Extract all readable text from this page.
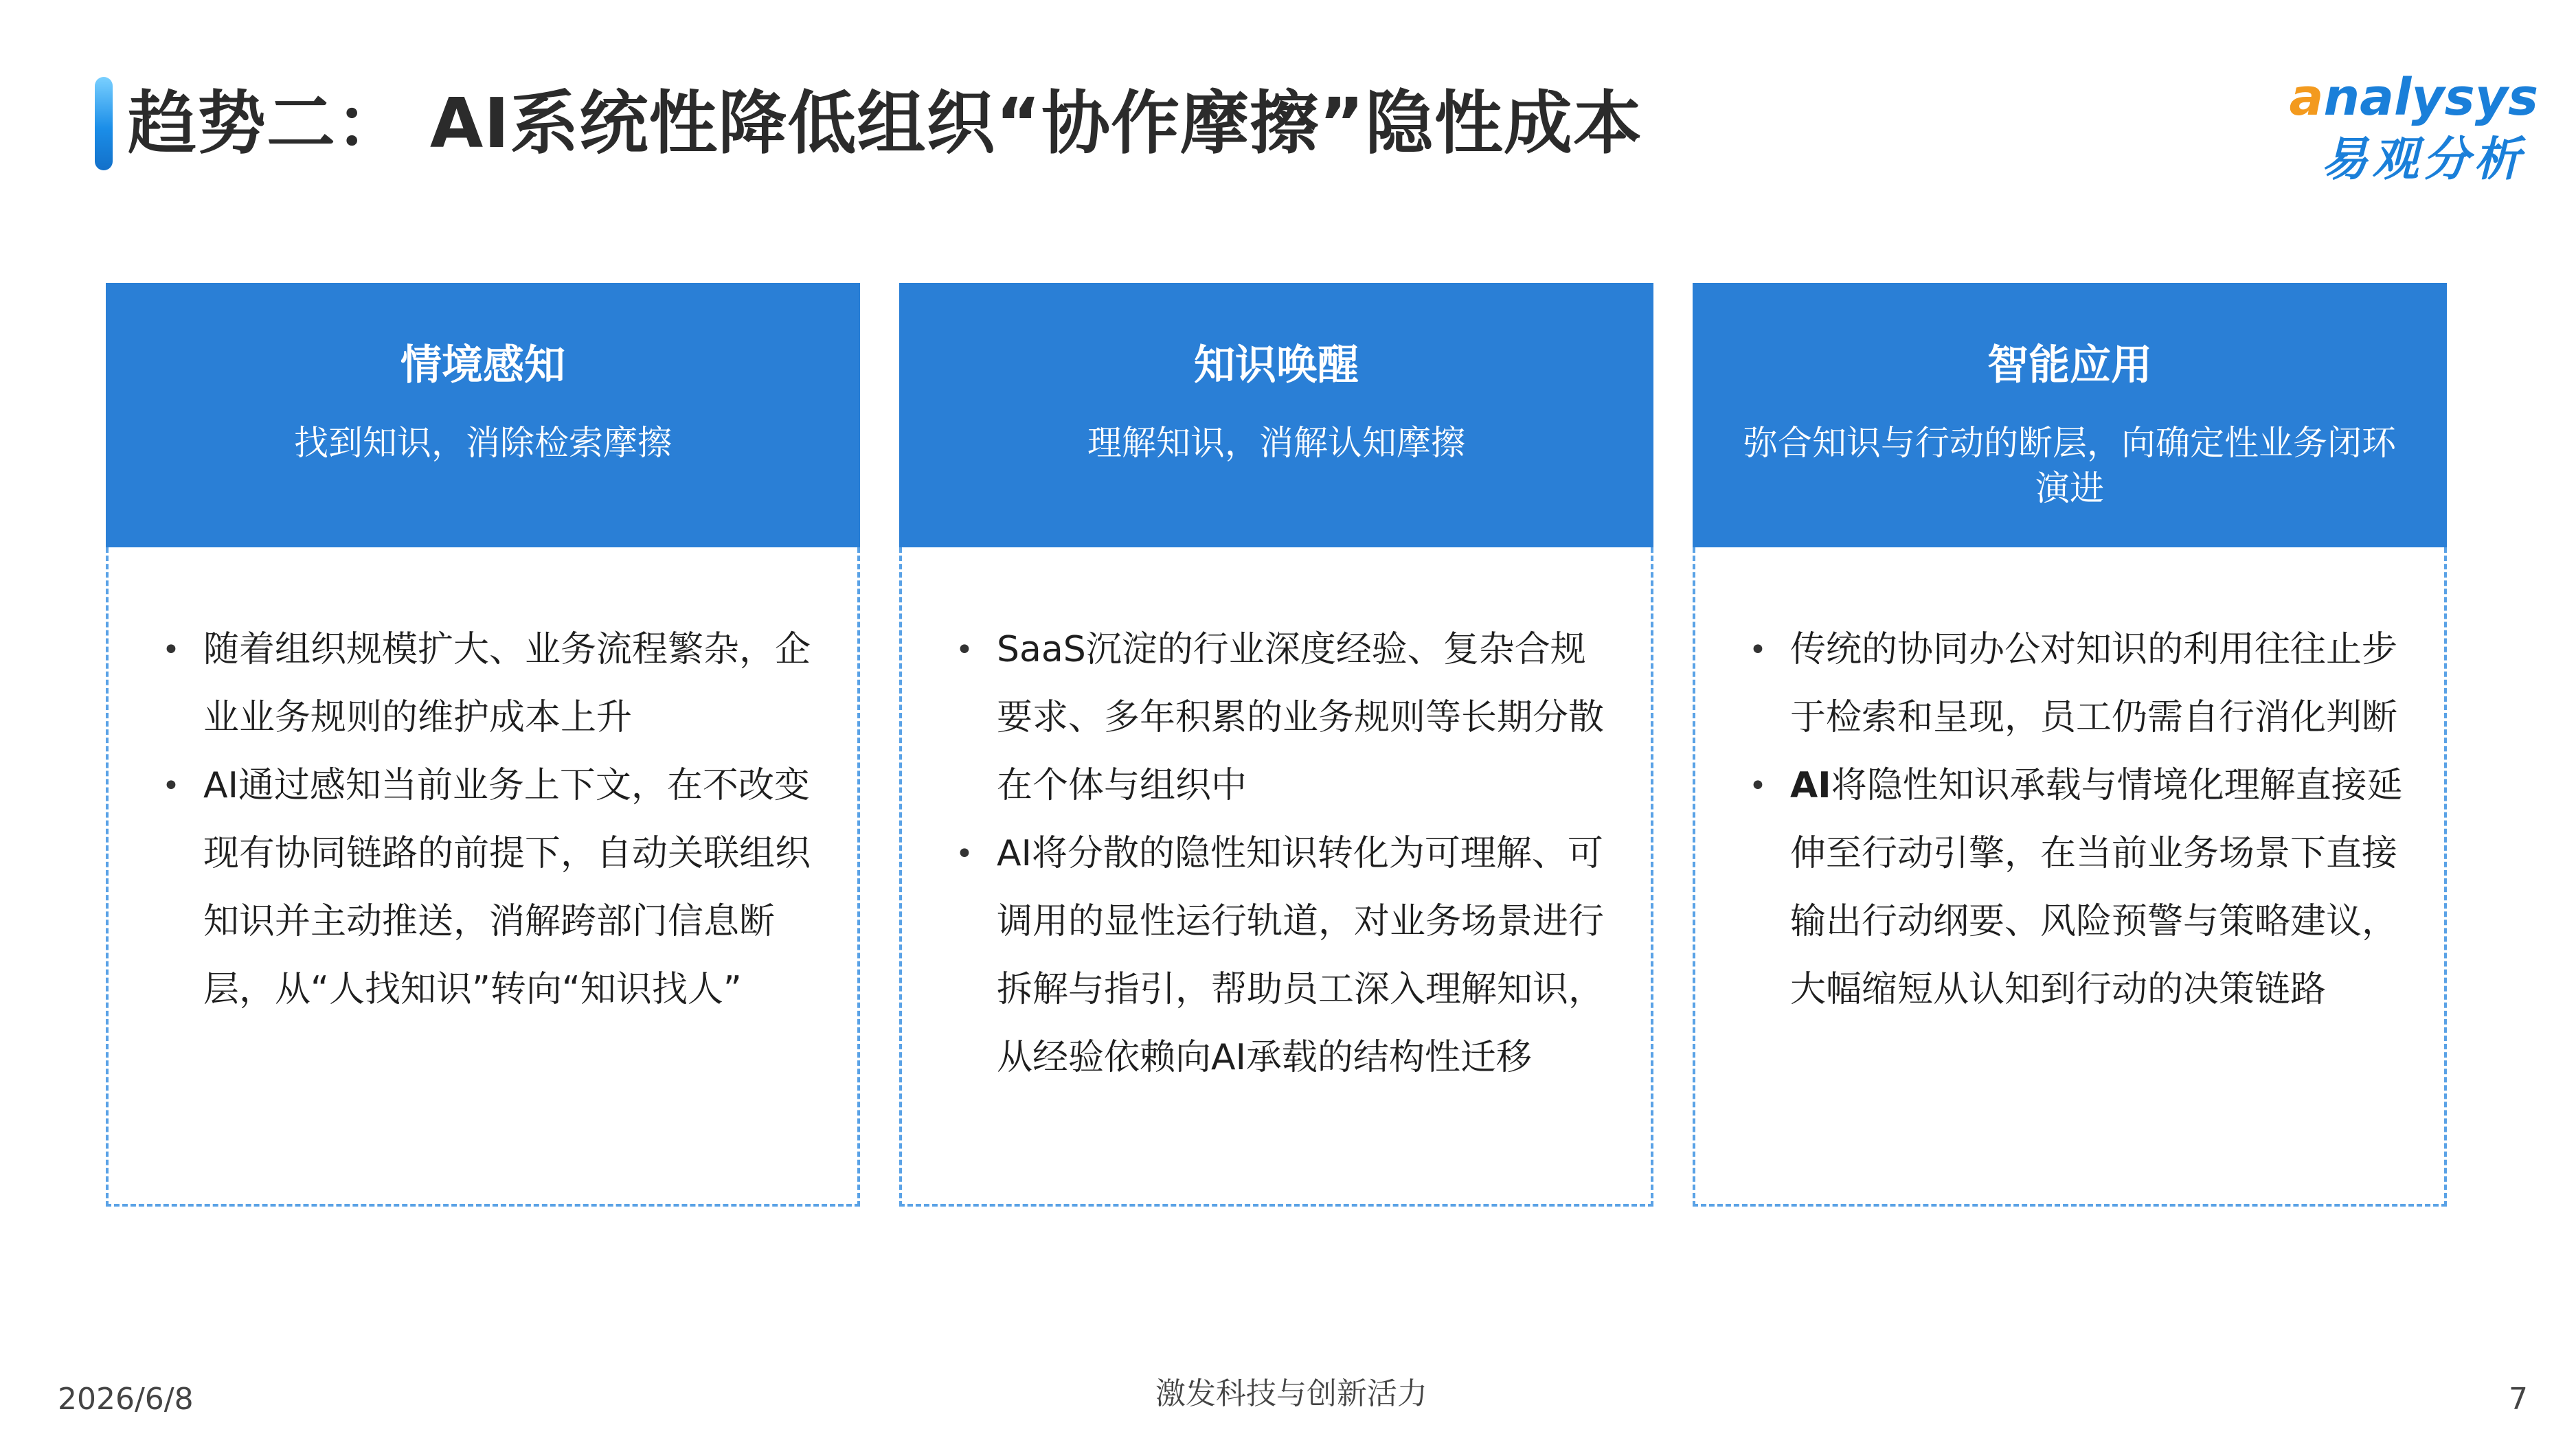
趋势二： AI系统性降低组织“协作摩擦”隐性成本	analysys
易观分析
情境感知
找到知识，消除检索摩擦
• 随着组织规模扩大、业务流程繁杂，企业业务规则的维护成本上升
• AI通过感知当前业务上下文，在不改变现有协同链路的前提下，自动关联组织知识并主动推送，消解跨部门信息断层，从“人找知识”转向“知识找人”
知识唤醒
理解知识，消解认知摩擦
• SaaS沉淀的行业深度经验、复杂合规要求、多年积累的业务规则等长期分散在个体与组织中
• AI将分散的隐性知识转化为可理解、可调用的显性运行轨道，对业务场景进行拆解与指引，帮助员工深入理解知识，从经验依赖向AI承载的结构性迁移
智能应用
弥合知识与行动的断层，向确定性业务闭环演进
• 传统的协同办公对知识的利用往往止步于检索和呈现，员工仍需自行消化判断
• AI将隐性知识承载与情境化理解直接延伸至行动引擎，在当前业务场景下直接输出行动纲要、风险预警与策略建议，大幅缩短从认知到行动的决策链路
2026/6/8	激发科技与创新活力	7
